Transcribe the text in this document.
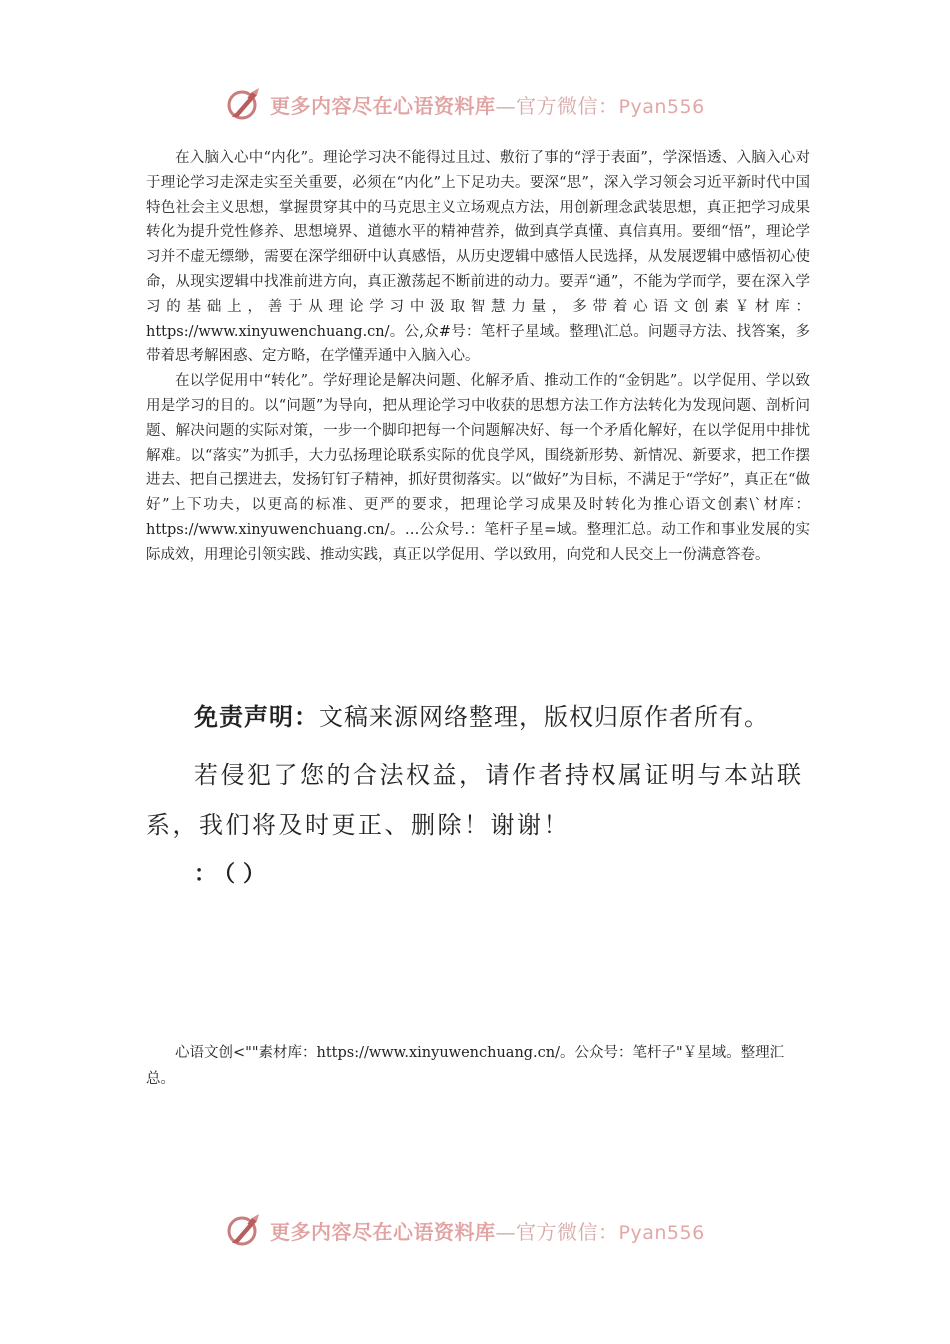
更多内容尽在心语资料库—官方微信：Pyan556

在入脑入心中“内化”。理论学习决不能得过且过、敷衍了事的“浮于表面”，学深悟透、入脑入心对于理论学习走深走实至关重要，必须在“内化”上下足功夫。要深“思”，深入学习领会习近平新时代中国特色社会主义思想，掌握贯穿其中的马克思主义立场观点方法，用创新理念武装思想，真正把学习成果转化为提升党性修养、思想境界、道德水平的精神营养，做到真学真懂、真信真用。要细“悟”，理论学习并不虚无缥缈，需要在深学细研中认真感悟，从历史逻辑中感悟人民选择，从发展逻辑中感悟初心使命，从现实逻辑中找准前进方向，真正激荡起不断前进的动力。要弄“通”，不能为学而学，要在深入学习的基础上，善于从理论学习中汲取智慧力量，多带着心语文创素￥材库：https://www.xinyuwenchuang.cn/。公,众#号：笔杆子星域。整理\汇总。问题寻方法、找答案，多带着思考解困惑、定方略，在学懂弄通中入脑入心。

在以学促用中“转化”。学好理论是解决问题、化解矛盾、推动工作的“金钥匙”。以学促用、学以致用是学习的目的。以“问题”为导向，把从理论学习中收获的思想方法工作方法转化为发现问题、剖析问题、解决问题的实际对策，一步一个脚印把每一个问题解决好、每一个矛盾化解好，在以学促用中排忧解难。以“落实”为抓手，大力弘扬理论联系实际的优良学风，围绕新形势、新情况、新要求，把工作摆进去、把自己摆进去，发扬钉钉子精神，抓好贯彻落实。以“做好”为目标，不满足于“学好”，真正在“做好”上下功夫，以更高的标准、更严的要求，把理论学习成果及时转化为推心语文创素\`材库：https://www.xinyuwenchuang.cn/。…公众号.：笔杆子星=域。整理汇总。动工作和事业发展的实际成效，用理论引领实践、推动实践，真正以学促用、学以致用，向党和人民交上一份满意答卷。

免责声明：文稿来源网络整理，版权归原作者所有。

若侵犯了您的合法权益，请作者持权属证明与本站联系，我们将及时更正、删除！谢谢！

：（）

心语文创<""素材库：https://www.xinyuwenchuang.cn/。公众号：笔杆子"￥星域。整理汇总。

更多内容尽在心语资料库—官方微信：Pyan556
